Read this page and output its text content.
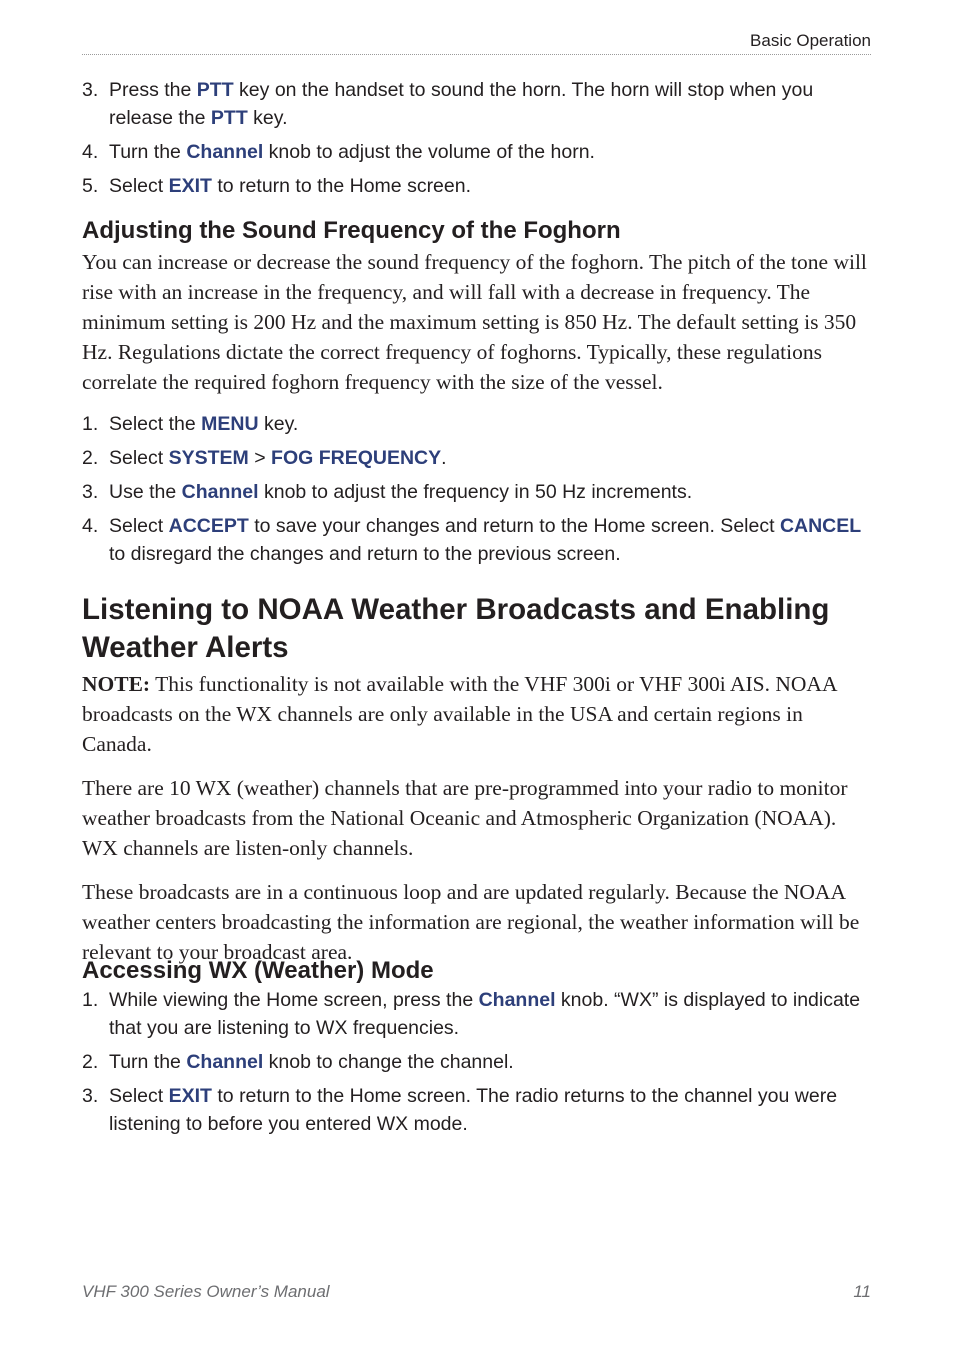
Basic Operation
3. Press the PTT key on the handset to sound the horn. The horn will stop when you release the PTT key.
4. Turn the Channel knob to adjust the volume of the horn.
5. Select EXIT to return to the Home screen.
Adjusting the Sound Frequency of the Foghorn

You can increase or decrease the sound frequency of the foghorn. The pitch of the tone will rise with an increase in the frequency, and will fall with a decrease in frequency. The minimum setting is 200 Hz and the maximum setting is 850 Hz. The default setting is 350 Hz. Regulations dictate the correct frequency of foghorns. Typically, these regulations correlate the required foghorn frequency with the size of the vessel.

1. Select the MENU key.
2. Select SYSTEM > FOG FREQUENCY.
3. Use the Channel knob to adjust the frequency in 50 Hz increments.
4. Select ACCEPT to save your changes and return to the Home screen. Select CANCEL to disregard the changes and return to the previous screen.
Listening to NOAA Weather Broadcasts and Enabling Weather Alerts

NOTE: This functionality is not available with the VHF 300i or VHF 300i AIS. NOAA broadcasts on the WX channels are only available in the USA and certain regions in Canada.

There are 10 WX (weather) channels that are pre-programmed into your radio to monitor weather broadcasts from the National Oceanic and Atmospheric Organization (NOAA). WX channels are listen-only channels.

These broadcasts are in a continuous loop and are updated regularly. Because the NOAA weather centers broadcasting the information are regional, the weather information will be relevant to your broadcast area.

Accessing WX (Weather) Mode
1. While viewing the Home screen, press the Channel knob. “WX” is displayed to indicate that you are listening to WX frequencies.
2. Turn the Channel knob to change the channel.
3. Select EXIT to return to the Home screen. The radio returns to the channel you were listening to before you entered WX mode.
VHF 300 Series Owner’s Manual	11
